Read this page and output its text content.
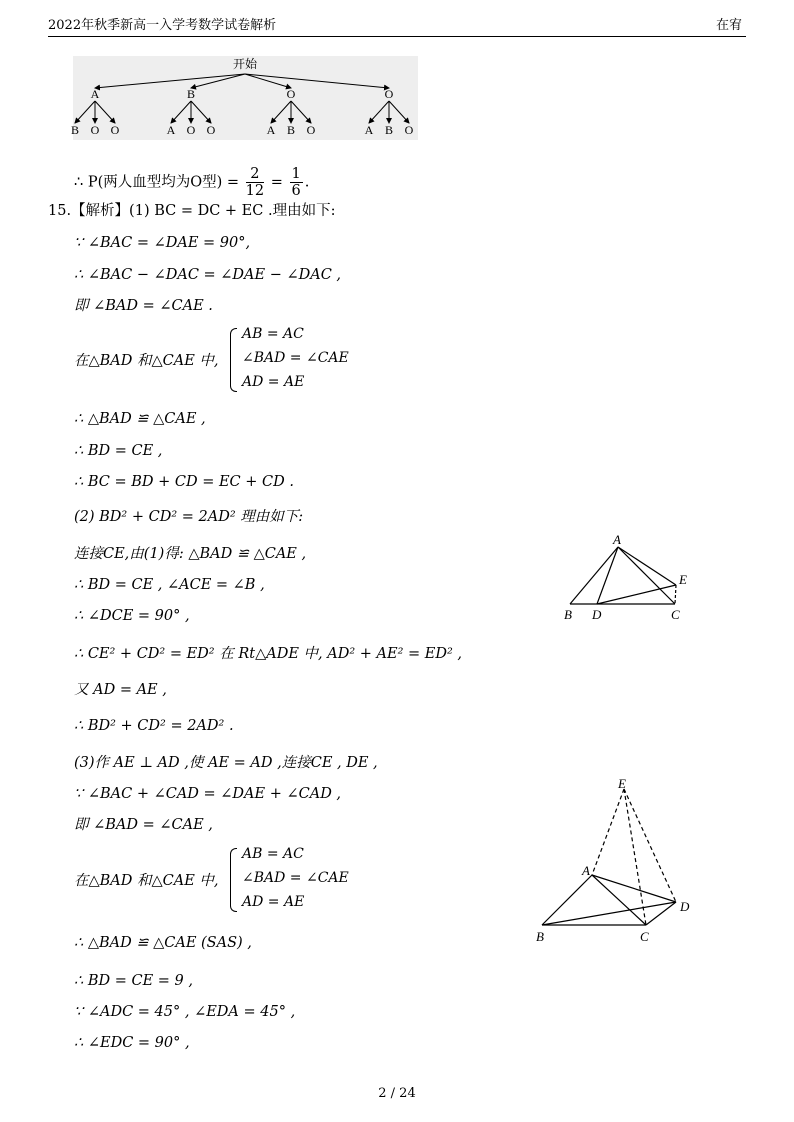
2022年秋季新高一入学考数学试卷解析	在宥
开始
A
B O O
B
A O O
O
A B O
O
A B O
∴ P(两人血型均为O型) = $\frac{2}{12} = \frac{1}{6}$ .
15.【解析】(1) BC = DC + EC .理由如下:
∵ ∠BAC = ∠DAE = 90°,
∴ ∠BAC − ∠DAC = ∠DAE − ∠DAC ,
即 ∠BAD = ∠CAE .
在△BAD 和△CAE 中,
AB = AC
∠BAD = ∠CAE
AD = AE
∴ △BAD ≌ △CAE ,
∴ BD = CE ,
∴ BC = BD + CD = EC + CD .
(2) BD² + CD² = 2AD² 理由如下:
连接CE,由(1)得: △BAD ≌ △CAE ,
∴ BD = CE , ∠ACE = ∠B ,
∴ ∠DCE = 90° ,
∴ CE² + CD² = ED² 在 Rt△ADE 中, AD² + AE² = ED² ,
又 AD = AE ,
∴ BD² + CD² = 2AD² .
(3)作 AE ⊥ AD ,使 AE = AD ,连接CE , DE ,
∵ ∠BAC + ∠CAD = ∠DAE + ∠CAD ,
即 ∠BAD = ∠CAE ,
在△BAD 和△CAE 中,
AB = AC
∠BAD = ∠CAE
AD = AE
∴ △BAD ≌ △CAE (SAS) ,
∴ BD = CE = 9 ,
∵ ∠ADC = 45° , ∠EDA = 45° ,
∴ ∠EDC = 90° ,
A
E
B D	C
E
A
D
B	C
2 / 24
